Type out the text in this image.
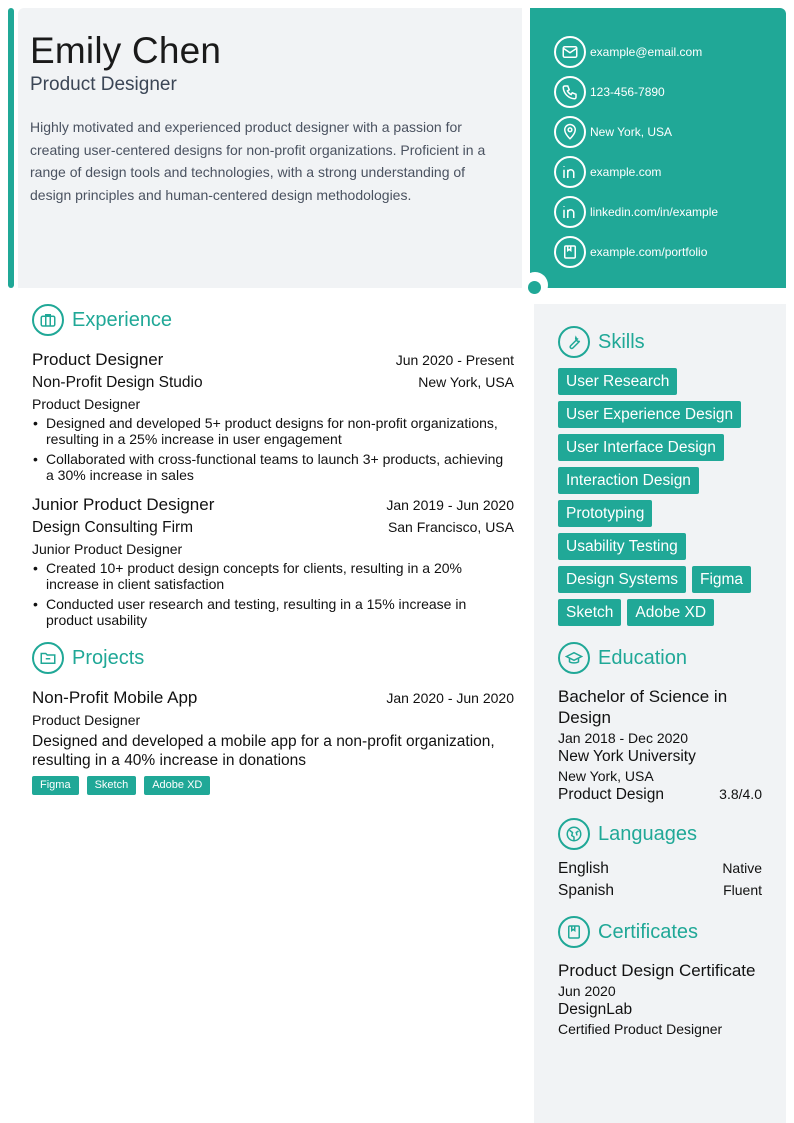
Emily Chen
Product Designer
Highly motivated and experienced product designer with a passion for creating user-centered designs for non-profit organizations. Proficient in a range of design tools and technologies, with a strong understanding of design principles and human-centered design methodologies.
example@email.com
123-456-7890
New York, USA
example.com
linkedin.com/in/example
example.com/portfolio
Experience
Product Designer	Jun 2020 - Present
Non-Profit Design Studio	New York, USA
Product Designer
• Designed and developed 5+ product designs for non-profit organizations, resulting in a 25% increase in user engagement
• Collaborated with cross-functional teams to launch 3+ products, achieving a 30% increase in sales
Junior Product Designer	Jan 2019 - Jun 2020
Design Consulting Firm	San Francisco, USA
Junior Product Designer
• Created 10+ product design concepts for clients, resulting in a 20% increase in client satisfaction
• Conducted user research and testing, resulting in a 15% increase in product usability
Projects
Non-Profit Mobile App	Jan 2020 - Jun 2020
Product Designer
Designed and developed a mobile app for a non-profit organization, resulting in a 40% increase in donations
Figma	Sketch	Adobe XD
Skills
User Research
User Experience Design
User Interface Design
Interaction Design
Prototyping
Usability Testing
Design Systems	Figma
Sketch	Adobe XD
Education
Bachelor of Science in Design
Jan 2018 - Dec 2020
New York University
New York, USA
Product Design	3.8/4.0
Languages
English	Native
Spanish	Fluent
Certificates
Product Design Certificate
Jun 2020
DesignLab
Certified Product Designer
